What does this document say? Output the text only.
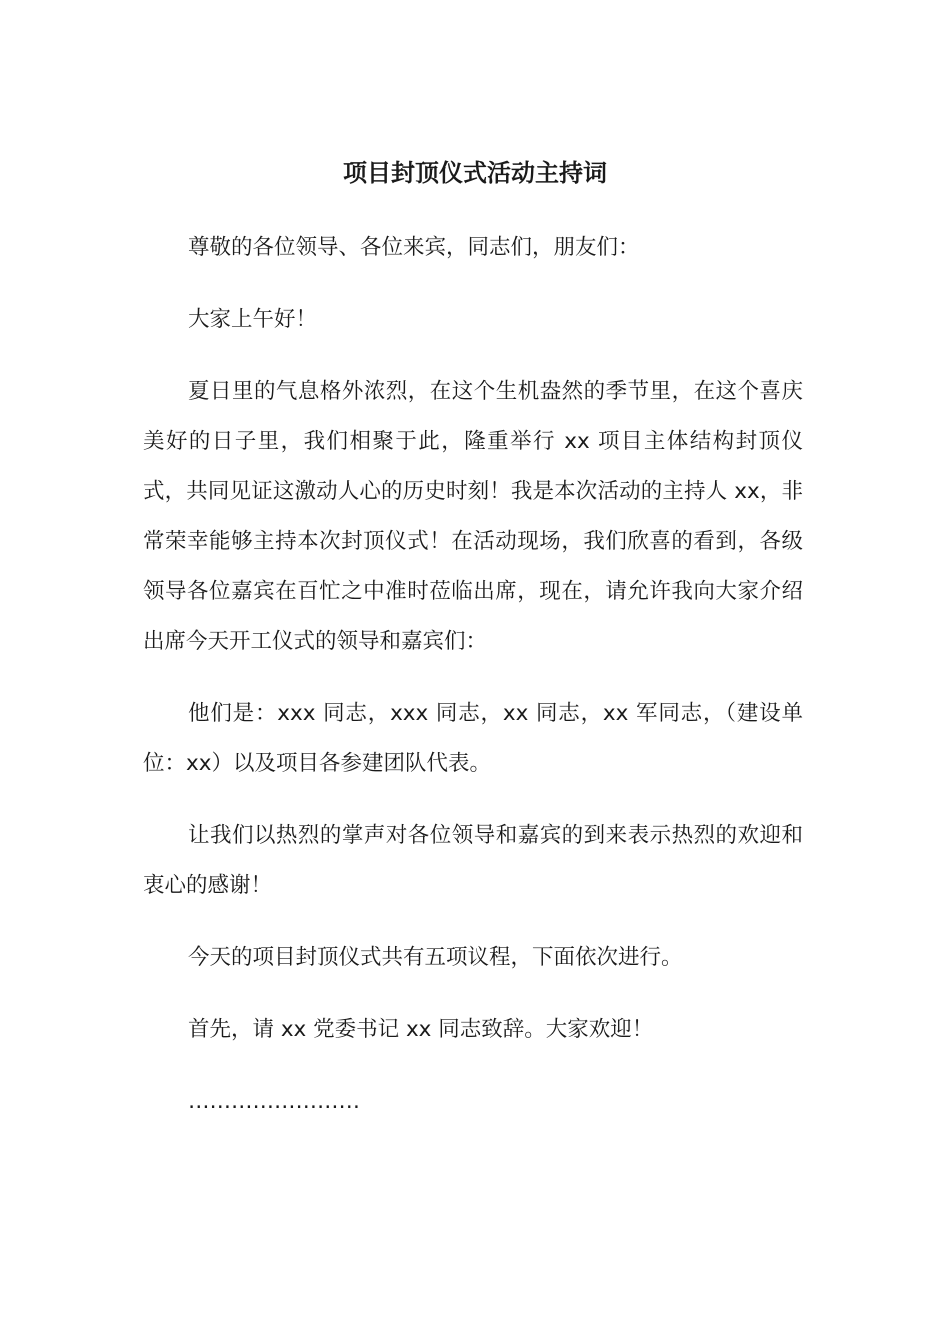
项目封顶仪式活动主持词

尊敬的各位领导、各位来宾，同志们，朋友们：

大家上午好！

夏日里的气息格外浓烈，在这个生机盎然的季节里，在这个喜庆美好的日子里，我们相聚于此，隆重举行 xx 项目主体结构封顶仪式，共同见证这激动人心的历史时刻！我是本次活动的主持人 xx，非常荣幸能够主持本次封顶仪式！在活动现场，我们欣喜的看到，各级领导各位嘉宾在百忙之中准时莅临出席，现在，请允许我向大家介绍出席今天开工仪式的领导和嘉宾们：

他们是：xxx 同志，xxx 同志，xx 同志，xx 军同志，（建设单位：xx）以及项目各参建团队代表。

让我们以热烈的掌声对各位领导和嘉宾的到来表示热烈的欢迎和衷心的感谢！

今天的项目封顶仪式共有五项议程，下面依次进行。

首先，请 xx 党委书记 xx 同志致辞。大家欢迎！

……………………
